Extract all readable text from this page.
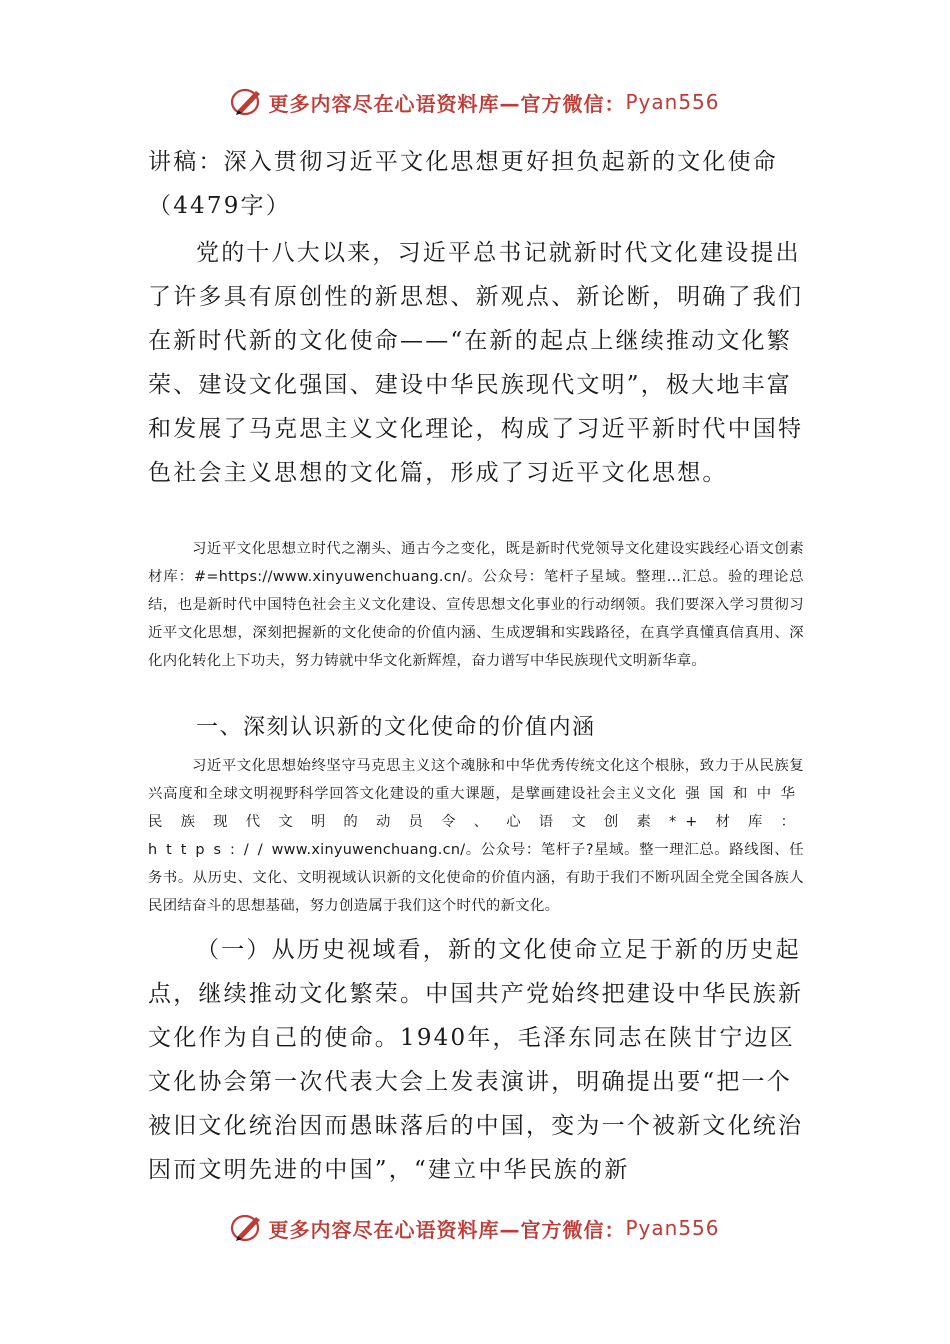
更多内容尽在心语资料库—官方微信： Pyan556
讲稿：深入贯彻习近平文化思想更好担负起新的文化使命（4479字）

党的十八大以来，习近平总书记就新时代文化建设提出了许多具有原创性的新思想、新观点、新论断，明确了我们在新时代新的文化使命——“在新的起点上继续推动文化繁荣、建设文化强国、建设中华民族现代文明”，极大地丰富和发展了马克思主义文化理论，构成了习近平新时代中国特色社会主义思想的文化篇，形成了习近平文化思想。

习近平文化思想立时代之潮头、通古今之变化，既是新时代党领导文化建设实践经心语文创素材库：#=https://www.xinyuwenchuang.cn/。公众号：笔杆子星域。整理…汇总。验的理论总结，也是新时代中国特色社会主义文化建设、宣传思想文化事业的行动纲领。我们要深入学习贯彻习近平文化思想，深刻把握新的文化使命的价值内涵、生成逻辑和实践路径，在真学真懂真信真用、深化内化转化上下功夫，努力铸就中华文化新辉煌，奋力谱写中华民族现代文明新华章。

一、深刻认识新的文化使命的价值内涵

习近平文化思想始终坚守马克思主义这个魂脉和中华优秀传统文化这个根脉，致力于从民族复兴高度和全球文明视野科学回答文化建设的重大课题，是擘画建设社会主义文化强国和中华民族现代文明的动员令、心语文创素*+材库：https://www.xinyuwenchuang.cn/。公众号：笔杆子?星域。整一理汇总。路线图、任务书。从历史、文化、文明视域认识新的文化使命的价值内涵，有助于我们不断巩固全党全国各族人民团结奋斗的思想基础，努力创造属于我们这个时代的新文化。

（一）从历史视域看，新的文化使命立足于新的历史起点，继续推动文化繁荣。中国共产党始终把建设中华民族新文化作为自己的使命。1940年，毛泽东同志在陕甘宁边区文化协会第一次代表大会上发表演讲，明确提出要“把一个被旧文化统治因而愚昧落后的中国，变为一个被新文化统治因而文明先进的中国”，“建立中华民族的新

更多内容尽在心语资料库—官方微信： Pyan556
